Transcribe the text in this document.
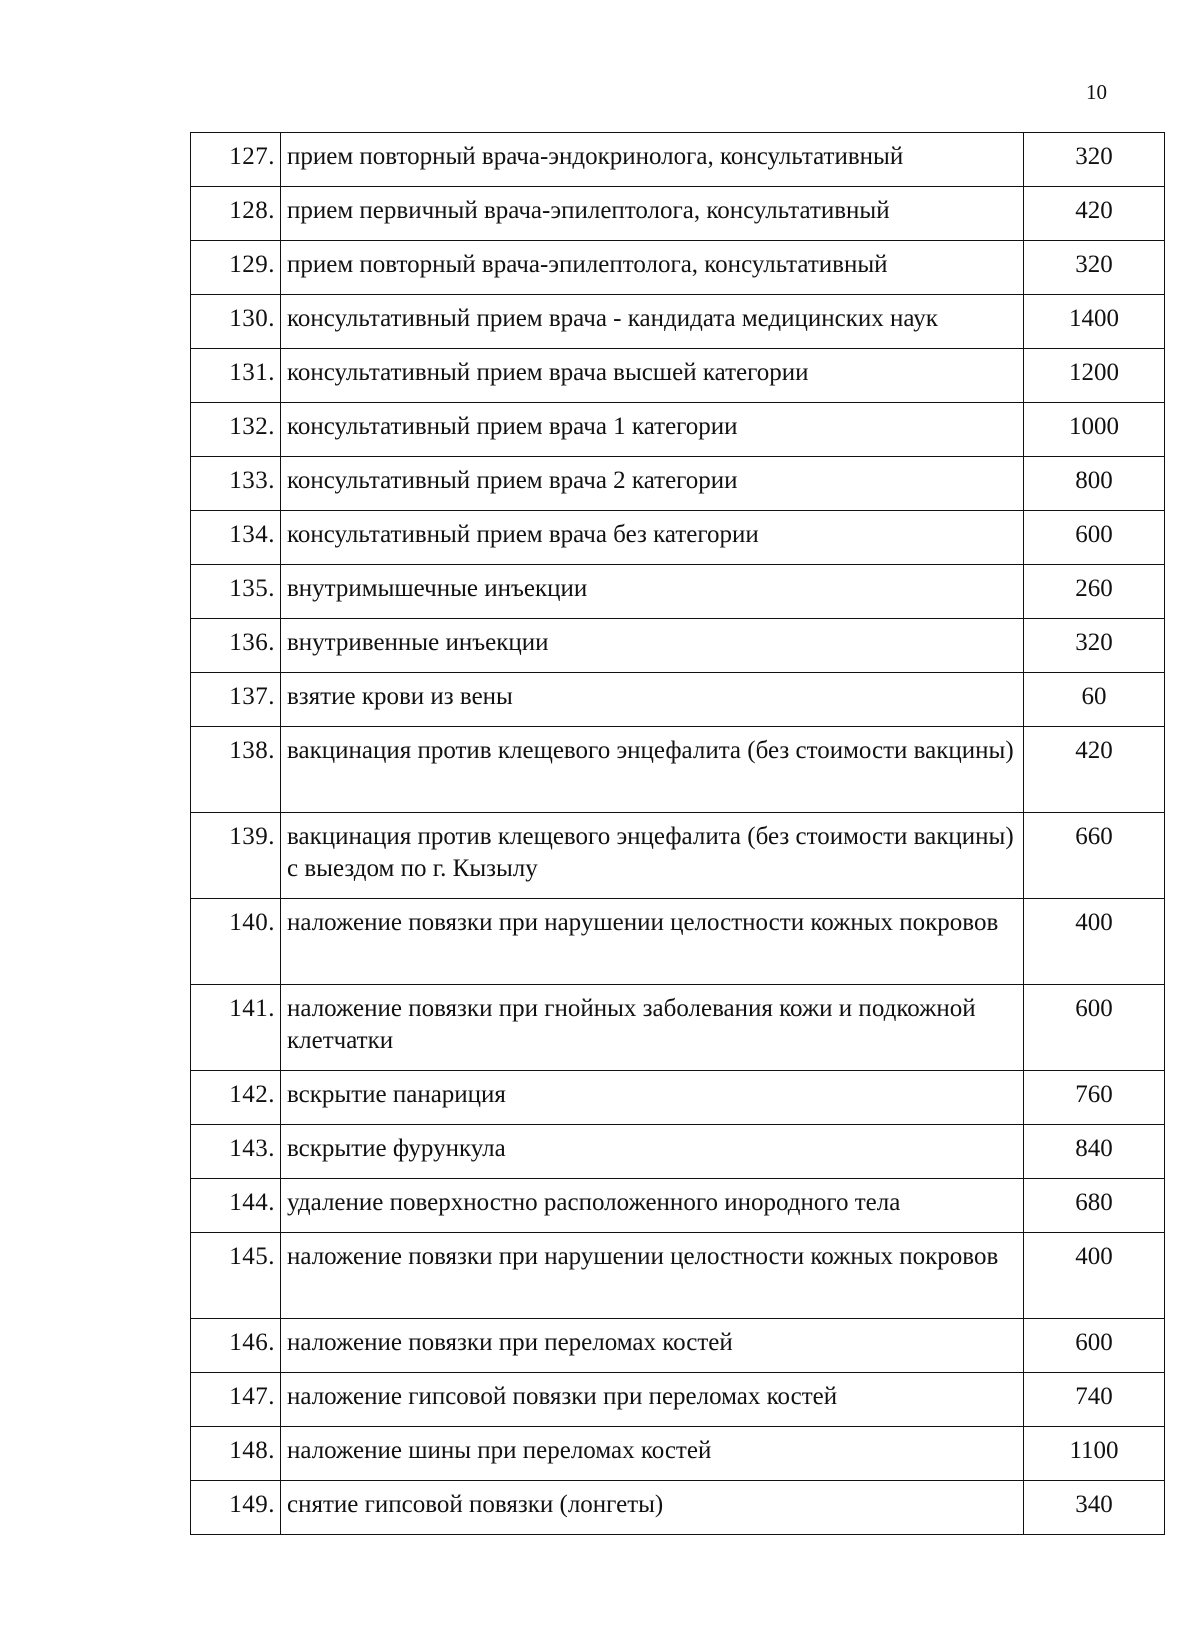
10
127.	прием повторный врача-эндокринолога, консультативный	320
128.	прием первичный врача-эпилептолога, консультативный	420
129.	прием повторный врача-эпилептолога, консультативный	320
130.	консультативный прием врача - кандидата медицинских наук	1400
131.	консультативный прием врача высшей категории	1200
132.	консультативный прием врача 1 категории	1000
133.	консультативный прием врача 2 категории	800
134.	консультативный прием врача без категории	600
135.	внутримышечные инъекции	260
136.	внутривенные инъекции	320
137.	взятие крови из вены	60
138.	вакцинация против клещевого энцефалита (без стоимости вакцины)	420
139.	вакцинация против клещевого энцефалита (без стоимости вакцины) с выездом по г. Кызылу	660
140.	наложение повязки при нарушении целостности кожных покровов	400
141.	наложение повязки при гнойных заболевания кожи и подкожной клетчатки	600
142.	вскрытие панариция	760
143.	вскрытие фурункула	840
144.	удаление поверхностно расположенного инородного тела	680
145.	наложение повязки при нарушении целостности кожных покровов	400
146.	наложение повязки при переломах костей	600
147.	наложение гипсовой повязки при переломах костей	740
148.	наложение шины при переломах костей	1100
149.	снятие гипсовой повязки (лонгеты)	340
